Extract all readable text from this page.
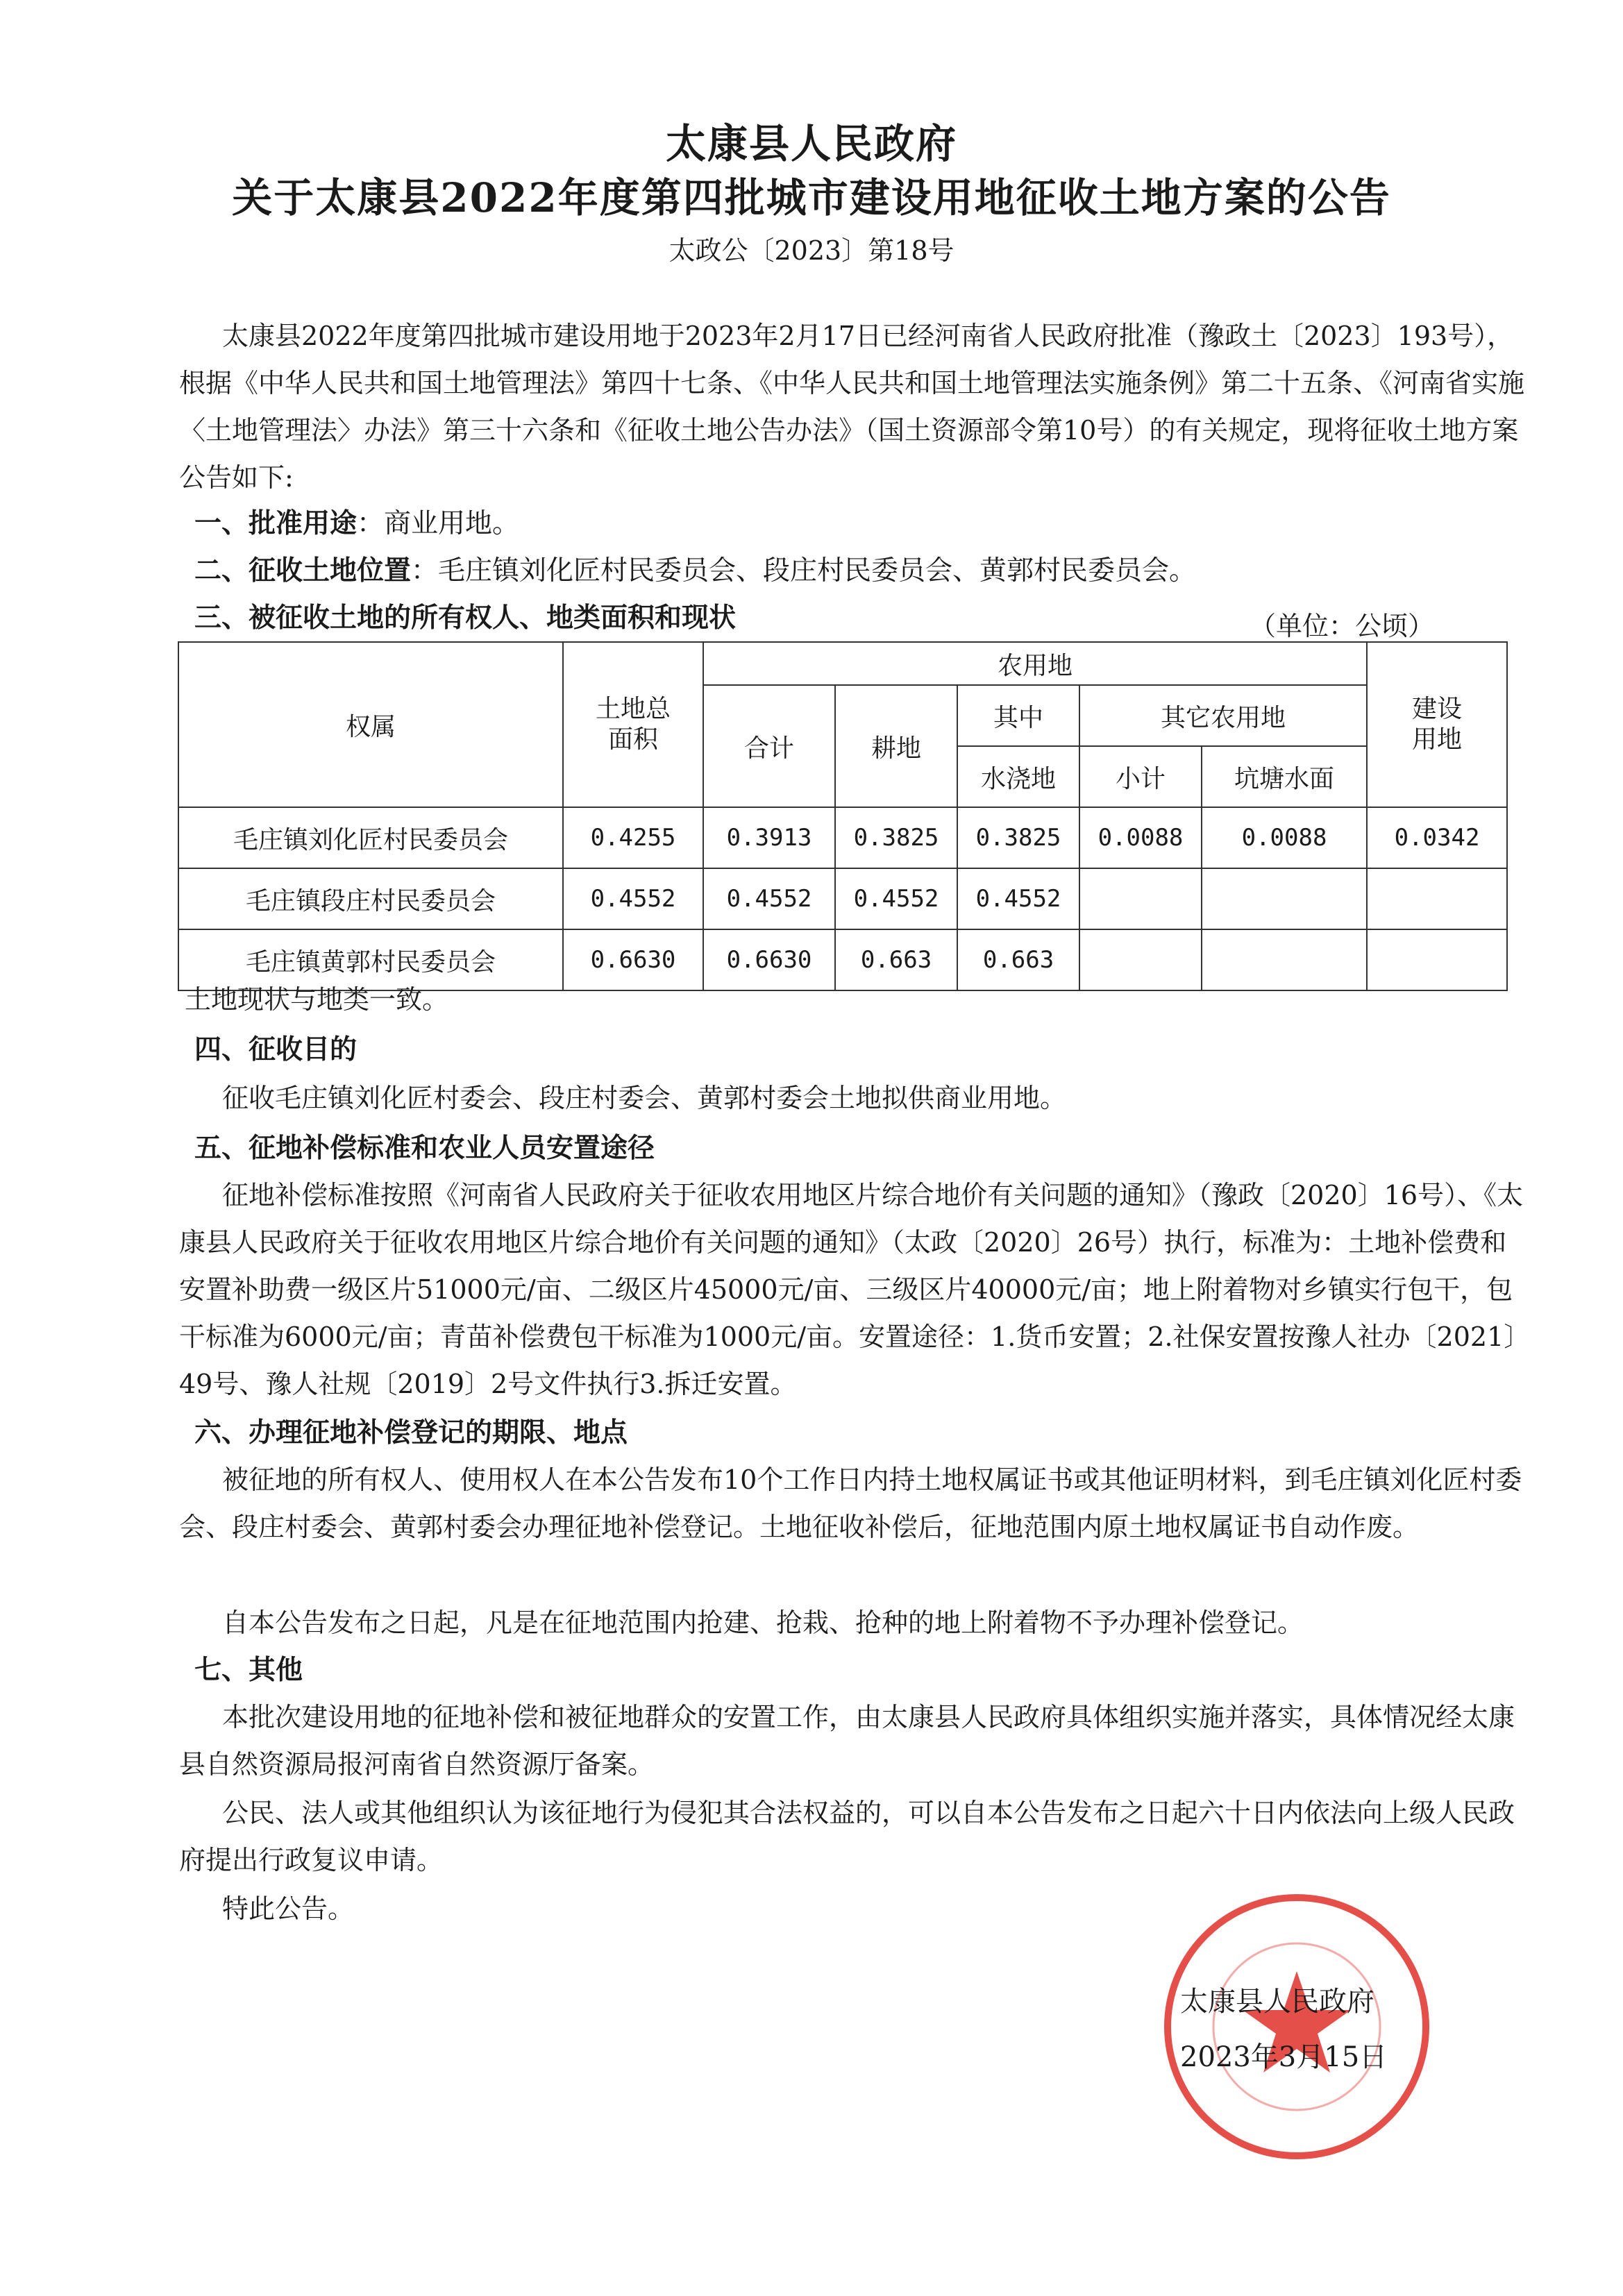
太康县人民政府
关于太康县2022年度第四批城市建设用地征收土地方案的公告
太政公〔2023〕第18号

太康县2022年度第四批城市建设用地于2023年2月17日已经河南省人民政府批准（豫政土〔2023〕193号），根据《中华人民共和国土地管理法》第四十七条、《中华人民共和国土地管理法实施条例》第二十五条、《河南省实施〈土地管理法〉办法》第三十六条和《征收土地公告办法》（国土资源部令第10号）的有关规定，现将征收土地方案公告如下:

一、批准用途：商业用地。
二、征收土地位置：毛庄镇刘化匠村民委员会、段庄村民委员会、黄郭村民委员会。
三、被征收土地的所有权人、地类面积和现状	（单位：公顷）
权属	土地总面积	农用地					建设用地
		合计	耕地	其中	其它农用地		
				水浇地	小计	坑塘水面	
毛庄镇刘化匠村民委员会	0.4255	0.3913	0.3825	0.3825	0.0088	0.0088	0.0342
毛庄镇段庄村民委员会	0.4552	0.4552	0.4552	0.4552			
毛庄镇黄郭村民委员会	0.6630	0.6630	0.663	0.663			
土地现状与地类一致。
四、征收目的

征收毛庄镇刘化匠村委会、段庄村委会、黄郭村委会土地拟供商业用地。

五、征地补偿标准和农业人员安置途径

征地补偿标准按照《河南省人民政府关于征收农用地区片综合地价有关问题的通知》（豫政〔2020〕16号）、《太康县人民政府关于征收农用地区片综合地价有关问题的通知》（太政〔2020〕26号）执行，标准为：土地补偿费和安置补助费一级区片51000元/亩、二级区片45000元/亩、三级区片40000元/亩；地上附着物对乡镇实行包干，包干标准为6000元/亩；青苗补偿费包干标准为1000元/亩。安置途径：1.货币安置；2.社保安置按豫人社办〔2021〕49号、豫人社规〔2019〕2号文件执行3.拆迁安置。

六、办理征地补偿登记的期限、地点

被征地的所有权人、使用权人在本公告发布10个工作日内持土地权属证书或其他证明材料，到毛庄镇刘化匠村委会、段庄村委会、黄郭村委会办理征地补偿登记。土地征收补偿后，征地范围内原土地权属证书自动作废。

自本公告发布之日起，凡是在征地范围内抢建、抢栽、抢种的地上附着物不予办理补偿登记。

七、其他

本批次建设用地的征地补偿和被征地群众的安置工作，由太康县人民政府具体组织实施并落实，具体情况经太康县自然资源局报河南省自然资源厅备案。

公民、法人或其他组织认为该征地行为侵犯其合法权益的，可以自本公告发布之日起六十日内依法向上级人民政府提出行政复议申请。

特此公告。

太康县人民政府
2023年3月15日
